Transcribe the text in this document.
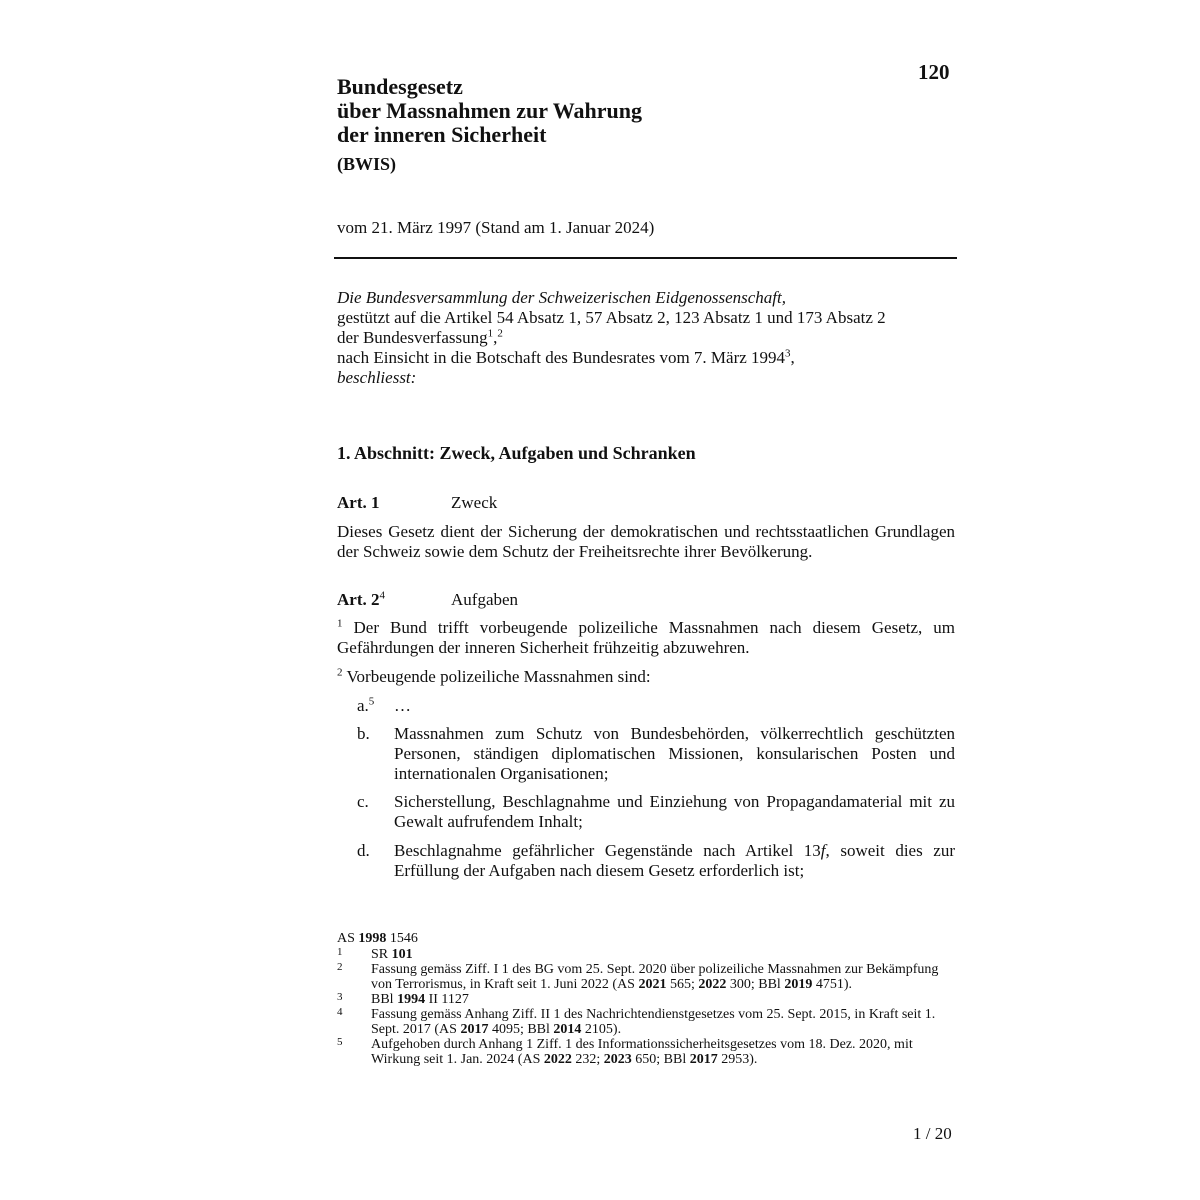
120
Bundesgesetz
über Massnahmen zur Wahrung
der inneren Sicherheit
(BWIS)
vom 21. März 1997 (Stand am 1. Januar 2024)
Die Bundesversammlung der Schweizerischen Eidgenossenschaft,
gestützt auf die Artikel 54 Absatz 1, 57 Absatz 2, 123 Absatz 1 und 173 Absatz 2
der Bundesverfassung$^1$,$^2$
nach Einsicht in die Botschaft des Bundesrates vom 7. März 1994$^3$,
beschliesst:
1. Abschnitt: Zweck, Aufgaben und Schranken
Art. 1	Zweck
Dieses Gesetz dient der Sicherung der demokratischen und rechtsstaatlichen Grundlagen der Schweiz sowie dem Schutz der Freiheitsrechte ihrer Bevölkerung.
Art. $2^4$	Aufgaben
$^1$ Der Bund trifft vorbeugende polizeiliche Massnahmen nach diesem Gesetz, um Gefährdungen der inneren Sicherheit frühzeitig abzuwehren.
$^2$ Vorbeugende polizeiliche Massnahmen sind:
a.$^5$	…
b.	Massnahmen zum Schutz von Bundesbehörden, völkerrechtlich geschützten Personen, ständigen diplomatischen Missionen, konsularischen Posten und internationalen Organisationen;
c.	Sicherstellung, Beschlagnahme und Einziehung von Propagandamaterial mit zu Gewalt aufrufendem Inhalt;
d.	Beschlagnahme gefährlicher Gegenstände nach Artikel 13f, soweit dies zur Erfüllung der Aufgaben nach diesem Gesetz erforderlich ist;
AS 1998 1546
1 SR 101
2 Fassung gemäss Ziff. I 1 des BG vom 25. Sept. 2020 über polizeiliche Massnahmen zur Bekämpfung von Terrorismus, in Kraft seit 1. Juni 2022 (AS 2021 565; 2022 300; BBl 2019 4751).
3 BBl 1994 II 1127
4 Fassung gemäss Anhang Ziff. II 1 des Nachrichtendienstgesetzes vom 25. Sept. 2015, in Kraft seit 1. Sept. 2017 (AS 2017 4095; BBl 2014 2105).
5 Aufgehoben durch Anhang 1 Ziff. 1 des Informationssicherheitsgesetzes vom 18. Dez. 2020, mit Wirkung seit 1. Jan. 2024 (AS 2022 232; 2023 650; BBl 2017 2953).
1 / 20
